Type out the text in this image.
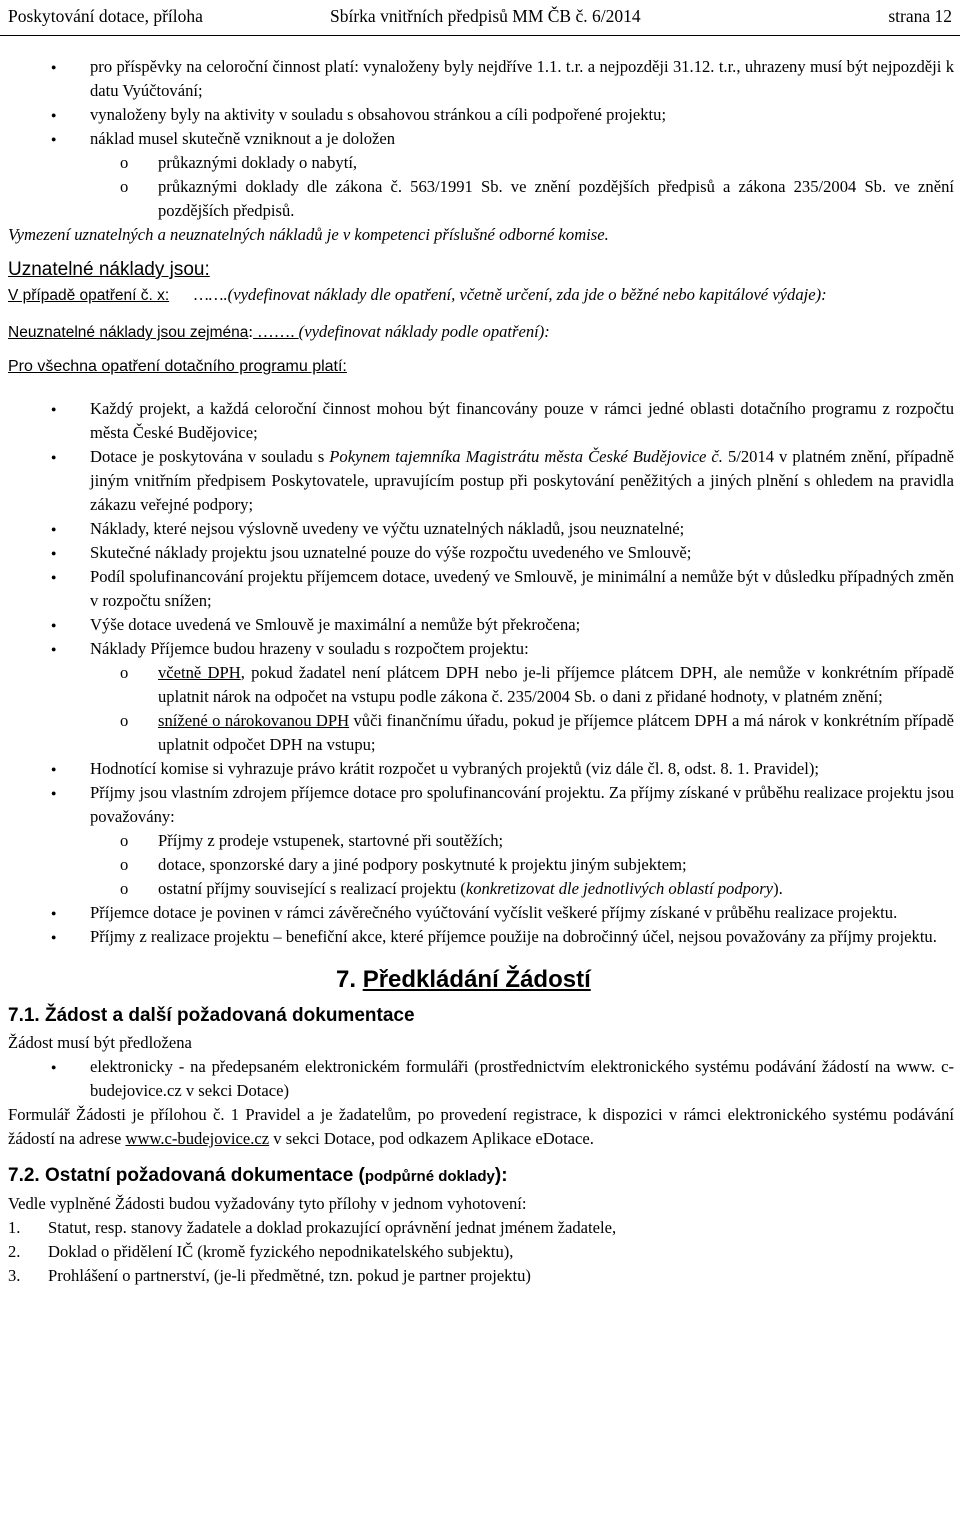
Poskytování dotace, příloha	Sbírka vnitřních předpisů MM ČB č. 6/2014	strana 12

● pro příspěvky na celoroční činnost platí: vynaloženy byly nejdříve 1.1. t.r. a nejpozději 31.12. t.r., uhrazeny musí být nejpozději k datu Vyúčtování;

● vynaloženy byly na aktivity v souladu s obsahovou stránkou a cíli podpořené projektu;

● náklad musel skutečně vzniknout a je doložen

o průkaznými doklady o nabytí,

o průkaznými doklady dle zákona č. 563/1991 Sb. ve znění pozdějších předpisů a zákona 235/2004 Sb. ve znění pozdějších předpisů.

Vymezení uznatelných a neuznatelných nákladů je v kompetenci příslušné odborné komise.

Uznatelné náklady jsou:

V případě opatření č. x: …….(vydefinovat náklady dle opatření, včetně určení, zda jde o běžné nebo kapitálové výdaje):

Neuznatelné náklady jsou zejména: ……. (vydefinovat náklady podle opatření):

Pro všechna opatření dotačního programu platí:

● Každý projekt, a každá celoroční činnost mohou být financovány pouze v rámci jedné oblasti dotačního programu z rozpočtu města České Budějovice;

● Dotace je poskytována v souladu s Pokynem tajemníka Magistrátu města České Budějovice č. 5/2014 v platném znění, případně jiným vnitřním předpisem Poskytovatele, upravujícím postup při poskytování peněžitých a jiných plnění s ohledem na pravidla zákazu veřejné podpory;

● Náklady, které nejsou výslovně uvedeny ve výčtu uznatelných nákladů, jsou neuznatelné;

● Skutečné náklady projektu jsou uznatelné pouze do výše rozpočtu uvedeného ve Smlouvě;

● Podíl spolufinancování projektu příjemcem dotace, uvedený ve Smlouvě, je minimální a nemůže být v důsledku případných změn v rozpočtu snížen;

● Výše dotace uvedená ve Smlouvě je maximální a nemůže být překročena;

● Náklady Příjemce budou hrazeny v souladu s rozpočtem projektu:

o včetně DPH, pokud žadatel není plátcem DPH nebo je-li příjemce plátcem DPH, ale nemůže v konkrétním případě uplatnit nárok na odpočet na vstupu podle zákona č. 235/2004 Sb. o dani z přidané hodnoty, v platném znění;

o snížené o nárokovanou DPH vůči finančnímu úřadu, pokud je příjemce plátcem DPH a má nárok v konkrétním případě uplatnit odpočet DPH na vstupu;

● Hodnotící komise si vyhrazuje právo krátit rozpočet u vybraných projektů (viz dále čl. 8, odst. 8. 1. Pravidel);

● Příjmy jsou vlastním zdrojem příjemce dotace pro spolufinancování projektu. Za příjmy získané v průběhu realizace projektu jsou považovány:

o Příjmy z prodeje vstupenek, startovné při soutěžích;

o dotace, sponzorské dary a jiné podpory poskytnuté k projektu jiným subjektem;

o ostatní příjmy související s realizací projektu (konkretizovat dle jednotlivých oblastí podpory).

● Příjemce dotace je povinen v rámci závěrečného vyúčtování vyčíslit veškeré příjmy získané v průběhu realizace projektu.

● Příjmy z realizace projektu – benefiční akce, které příjemce použije na dobročinný účel, nejsou považovány za příjmy projektu.

7. Předkládání Žádostí

7.1. Žádost a další požadovaná dokumentace

Žádost musí být předložena

● elektronicky - na předepsaném elektronickém formuláři (prostřednictvím elektronického systému podávání žádostí na www. c-budejovice.cz v sekci Dotace)

Formulář Žádosti je přílohou č. 1 Pravidel a je žadatelům, po provedení registrace, k dispozici v rámci elektronického systému podávání žádostí na adrese www.c-budejovice.cz v sekci Dotace, pod odkazem Aplikace eDotace.

7.2. Ostatní požadovaná dokumentace (podpůrné doklady):

Vedle vyplněné Žádosti budou vyžadovány tyto přílohy v jednom vyhotovení:

1. Statut, resp. stanovy žadatele a doklad prokazující oprávnění jednat jménem žadatele,

2. Doklad o přidělení IČ (kromě fyzického nepodnikatelského subjektu),

3. Prohlášení o partnerství, (je-li předmětné, tzn. pokud je partner projektu)
